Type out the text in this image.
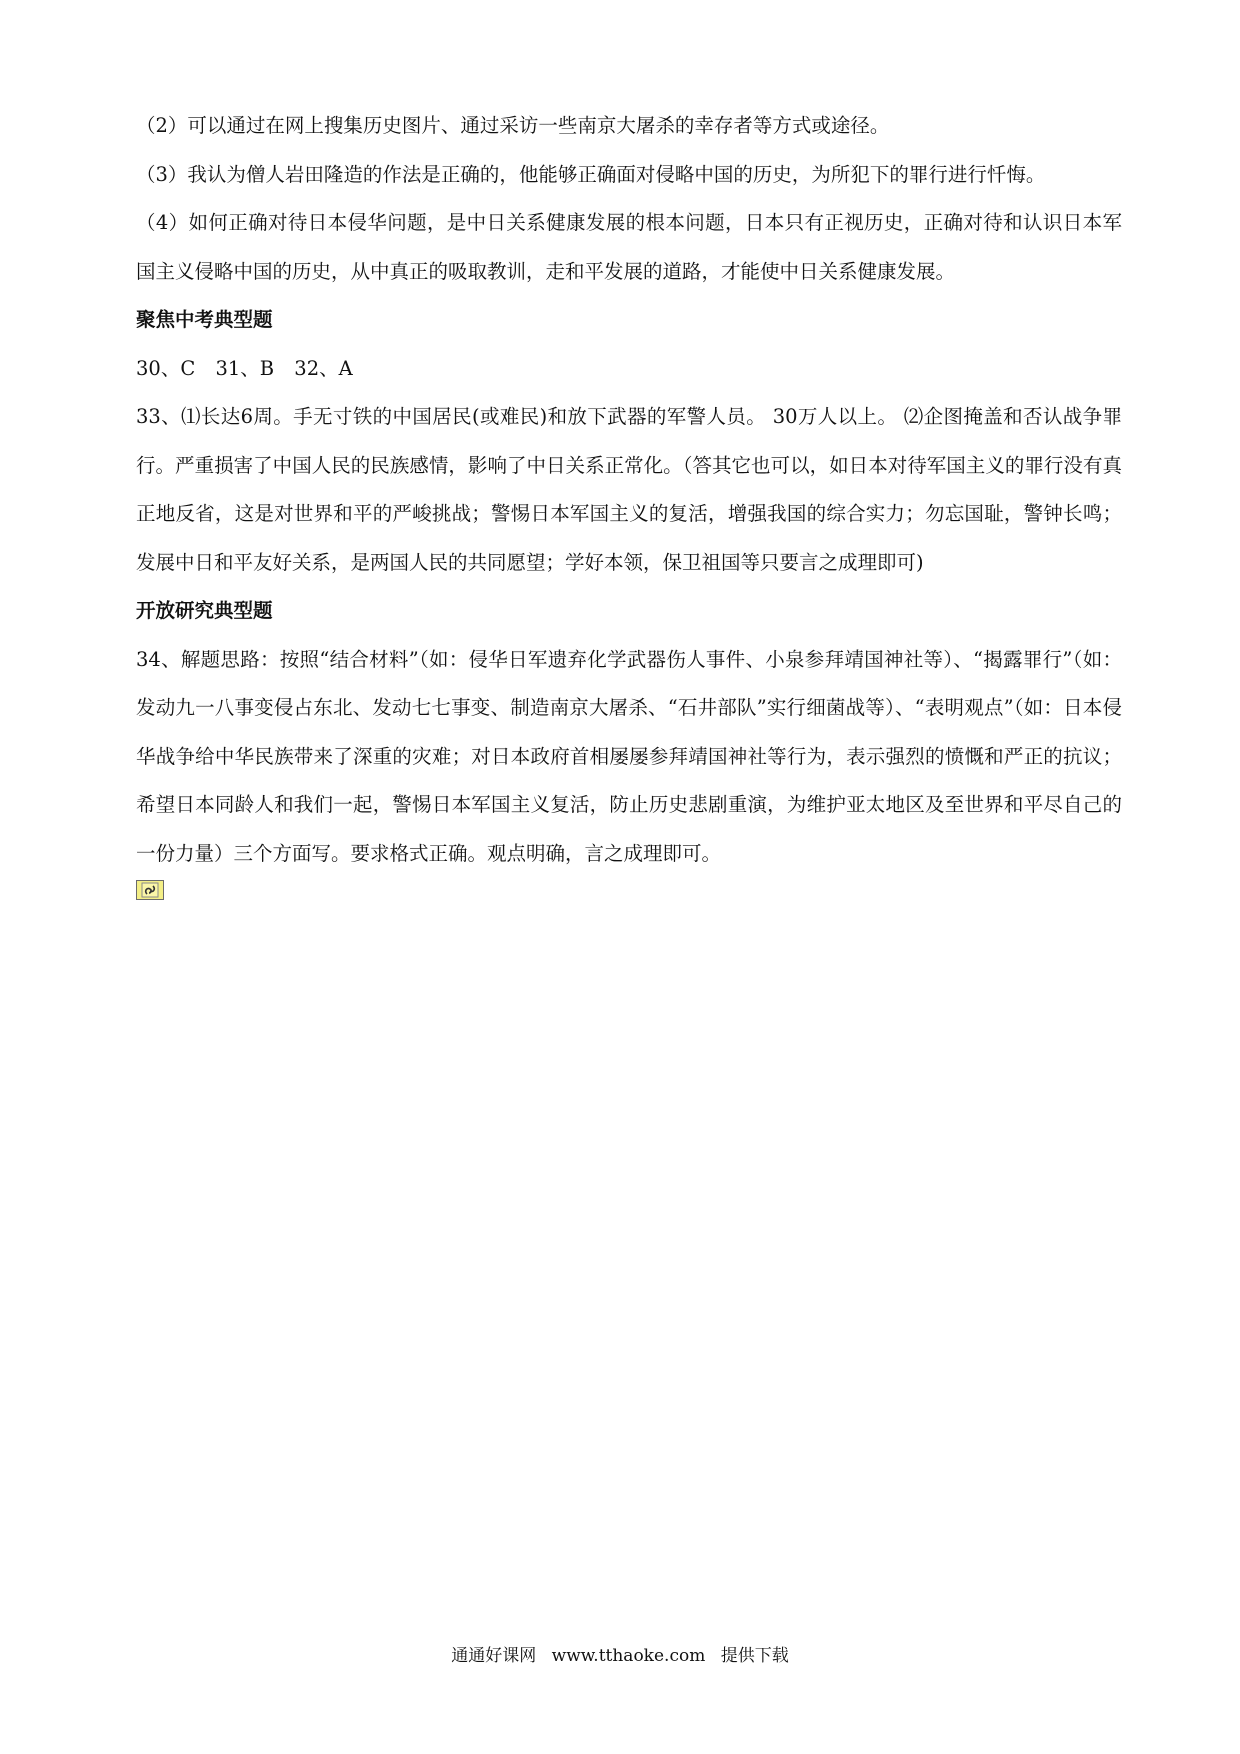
（2）可以通过在网上搜集历史图片、通过采访一些南京大屠杀的幸存者等方式或途径。

（3）我认为僧人岩田隆造的作法是正确的，他能够正确面对侵略中国的历史，为所犯下的罪行进行忏悔。

（4）如何正确对待日本侵华问题，是中日关系健康发展的根本问题，日本只有正视历史，正确对待和认识日本军国主义侵略中国的历史，从中真正的吸取教训，走和平发展的道路，才能使中日关系健康发展。

聚焦中考典型题

30、C 31、B 32、A

33、⑴长达6周。手无寸铁的中国居民(或难民)和放下武器的军警人员。 30万人以上。 ⑵企图掩盖和否认战争罪行。严重损害了中国人民的民族感情，影响了中日关系正常化。（答其它也可以，如日本对待军国主义的罪行没有真正地反省，这是对世界和平的严峻挑战；警惕日本军国主义的复活，增强我国的综合实力；勿忘国耻，警钟长鸣；发展中日和平友好关系，是两国人民的共同愿望；学好本领，保卫祖国等只要言之成理即可)

开放研究典型题

34、解题思路：按照“结合材料”（如：侵华日军遗弃化学武器伤人事件、小泉参拜靖国神社等）、“揭露罪行”（如：发动九一八事变侵占东北、发动七七事变、制造南京大屠杀、“石井部队”实行细菌战等）、“表明观点”（如：日本侵华战争给中华民族带来了深重的灾难；对日本政府首相屡屡参拜靖国神社等行为，表示强烈的愤慨和严正的抗议；希望日本同龄人和我们一起，警惕日本军国主义复活，防止历史悲剧重演，为维护亚太地区及至世界和平尽自己的一份力量）三个方面写。要求格式正确。观点明确，言之成理即可。

通通好课网 www.tthaoke.com 提供下载
